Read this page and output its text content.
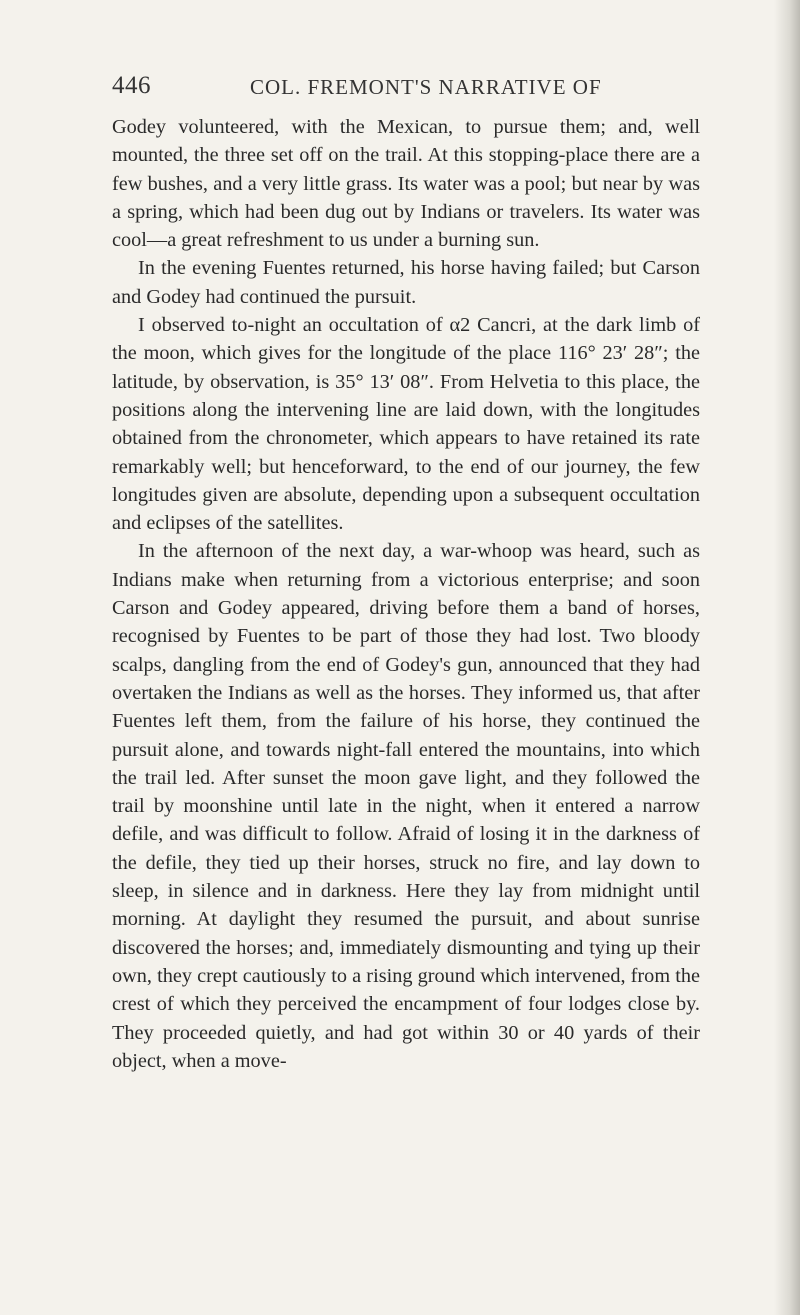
446	COL. FREMONT'S NARRATIVE OF

Godey volunteered, with the Mexican, to pursue them; and, well mounted, the three set off on the trail. At this stopping-place there are a few bushes, and a very little grass. Its water was a pool; but near by was a spring, which had been dug out by Indians or travelers. Its water was cool—a great refreshment to us under a burning sun.

In the evening Fuentes returned, his horse having failed; but Carson and Godey had continued the pursuit.

I observed to-night an occultation of α2 Cancri, at the dark limb of the moon, which gives for the longitude of the place 116° 23′ 28″; the latitude, by observation, is 35° 13′ 08″. From Helvetia to this place, the positions along the intervening line are laid down, with the longitudes obtained from the chronometer, which appears to have retained its rate remarkably well; but henceforward, to the end of our journey, the few longitudes given are absolute, depending upon a subsequent occultation and eclipses of the satellites.

In the afternoon of the next day, a war-whoop was heard, such as Indians make when returning from a victorious enterprise; and soon Carson and Godey appeared, driving before them a band of horses, recognised by Fuentes to be part of those they had lost. Two bloody scalps, dangling from the end of Godey's gun, announced that they had overtaken the Indians as well as the horses. They informed us, that after Fuentes left them, from the failure of his horse, they continued the pursuit alone, and towards night-fall entered the mountains, into which the trail led. After sunset the moon gave light, and they followed the trail by moonshine until late in the night, when it entered a narrow defile, and was difficult to follow. Afraid of losing it in the darkness of the defile, they tied up their horses, struck no fire, and lay down to sleep, in silence and in darkness. Here they lay from midnight until morning. At daylight they resumed the pursuit, and about sunrise discovered the horses; and, immediately dismounting and tying up their own, they crept cautiously to a rising ground which intervened, from the crest of which they perceived the encampment of four lodges close by. They proceeded quietly, and had got within 30 or 40 yards of their object, when a move-
